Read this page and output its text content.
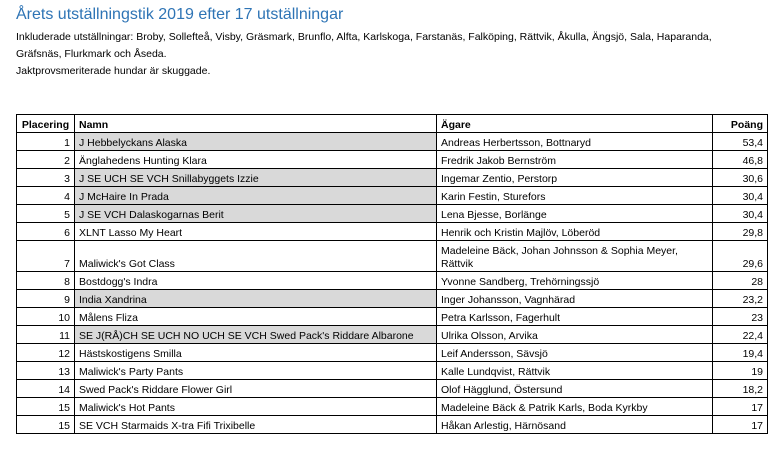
Årets utställningstik 2019 efter 17 utställningar
Inkluderade utställningar: Broby, Sollefteå, Visby, Gräsmark, Brunflo, Alfta, Karlskoga, Farstanäs, Falköping, Rättvik, Åkulla, Ängsjö, Sala, Haparanda,
Gräfsnäs, Flurkmark och Åseda.
Jaktprovsmeriterade hundar är skuggade.
Placering	Namn	Ägare	Poäng
1	J Hebbelyckans Alaska	Andreas Herbertsson, Bottnaryd	53,4
2	Änglahedens Hunting Klara	Fredrik Jakob Bernström	46,8
3	J SE UCH SE VCH Snillabyggets Izzie	Ingemar Zentio, Perstorp	30,6
4	J McHaire In Prada	Karin Festin, Sturefors	30,4
5	J SE VCH Dalaskogarnas Berit	Lena Bjesse, Borlänge	30,4
6	XLNT Lasso My Heart	Henrik och Kristin Majlöv, Löberöd	29,8
7	Maliwick's Got Class	Madeleine Bäck, Johan Johnsson & Sophia Meyer, Rättvik	29,6
8	Bostdogg's Indra	Yvonne Sandberg, Trehörningssjö	28
9	India Xandrina	Inger Johansson, Vagnhärad	23,2
10	Målens Fliza	Petra Karlsson, Fagerhult	23
11	SE J(RÅ)CH SE UCH NO UCH SE VCH Swed Pack's Riddare Albarone	Ulrika Olsson, Arvika	22,4
12	Hästskostigens Smilla	Leif Andersson, Sävsjö	19,4
13	Maliwick's Party Pants	Kalle Lundqvist, Rättvik	19
14	Swed Pack's Riddare Flower Girl	Olof Hägglund, Östersund	18,2
15	Maliwick's Hot Pants	Madeleine Bäck & Patrik Karls, Boda Kyrkby	17
15	SE VCH Starmaids X-tra Fifi Trixibelle	Håkan Arlestig, Härnösand	17
